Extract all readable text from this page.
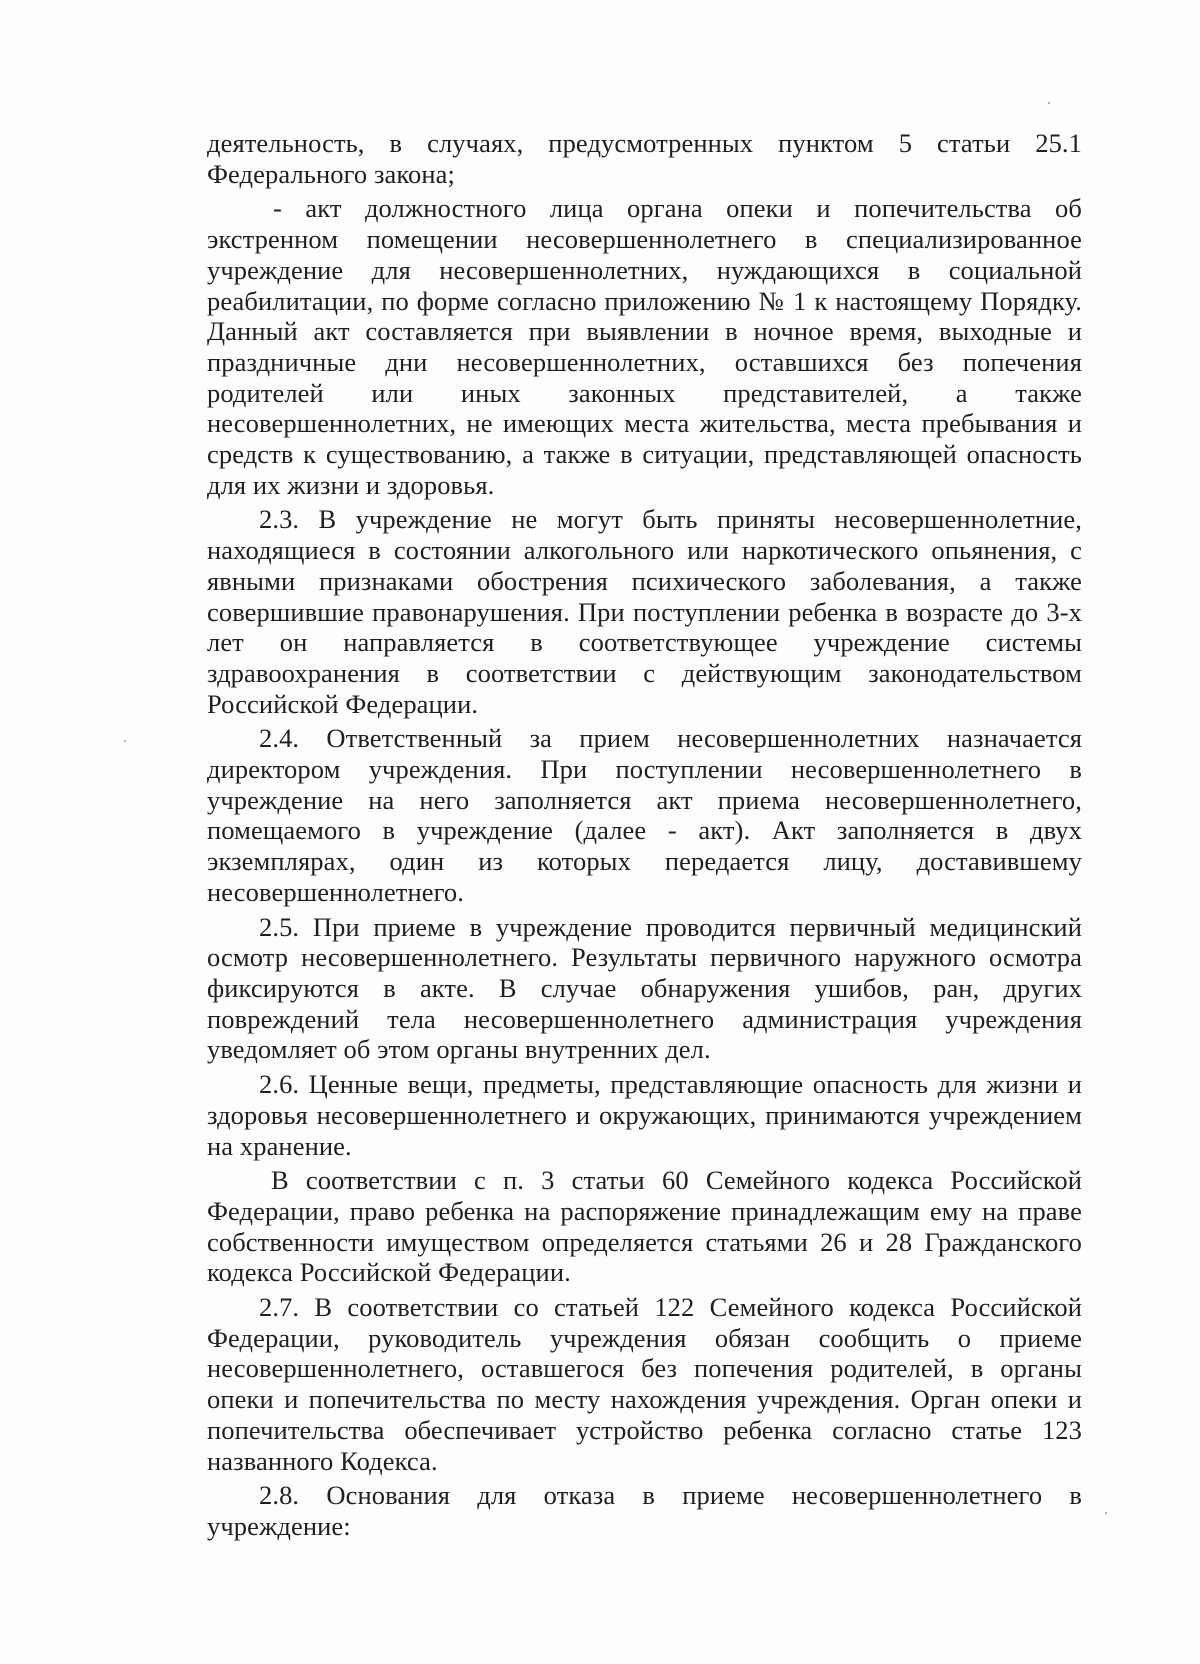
деятельность, в случаях, предусмотренных пунктом 5 статьи 25.1 Федерального закона;

- акт должностного лица органа опеки и попечительства об экстренном помещении несовершеннолетнего в специализированное учреждение для несовершеннолетних, нуждающихся в социальной реабилитации, по форме согласно приложению № 1 к настоящему Порядку. Данный акт составляется при выявлении в ночное время, выходные и праздничные дни несовершеннолетних, оставшихся без попечения родителей или иных законных представителей, а также несовершеннолетних, не имеющих места жительства, места пребывания и средств к существованию, а также в ситуации, представляющей опасность для их жизни и здоровья.

2.3. В учреждение не могут быть приняты несовершеннолетние, находящиеся в состоянии алкогольного или наркотического опьянения, с явными признаками обострения психического заболевания, а также совершившие правонарушения. При поступлении ребенка в возрасте до 3-х лет он направляется в соответствующее учреждение системы здравоохранения в соответствии с действующим законодательством Российской Федерации.

2.4. Ответственный за прием несовершеннолетних назначается директором учреждения. При поступлении несовершеннолетнего в учреждение на него заполняется акт приема несовершеннолетнего, помещаемого в учреждение (далее - акт). Акт заполняется в двух экземплярах, один из которых передается лицу, доставившему несовершеннолетнего.

2.5. При приеме в учреждение проводится первичный медицинский осмотр несовершеннолетнего. Результаты первичного наружного осмотра фиксируются в акте. В случае обнаружения ушибов, ран, других повреждений тела несовершеннолетнего администрация учреждения уведомляет об этом органы внутренних дел.

2.6. Ценные вещи, предметы, представляющие опасность для жизни и здоровья несовершеннолетнего и окружающих, принимаются учреждением на хранение.

В соответствии с п. 3 статьи 60 Семейного кодекса Российской Федерации, право ребенка на распоряжение принадлежащим ему на праве собственности имуществом определяется статьями 26 и 28 Гражданского кодекса Российской Федерации.

2.7. В соответствии со статьей 122 Семейного кодекса Российской Федерации, руководитель учреждения обязан сообщить о приеме несовершеннолетнего, оставшегося без попечения родителей, в органы опеки и попечительства по месту нахождения учреждения. Орган опеки и попечительства обеспечивает устройство ребенка согласно статье 123 названного Кодекса.

2.8. Основания для отказа в приеме несовершеннолетнего в учреждение:
